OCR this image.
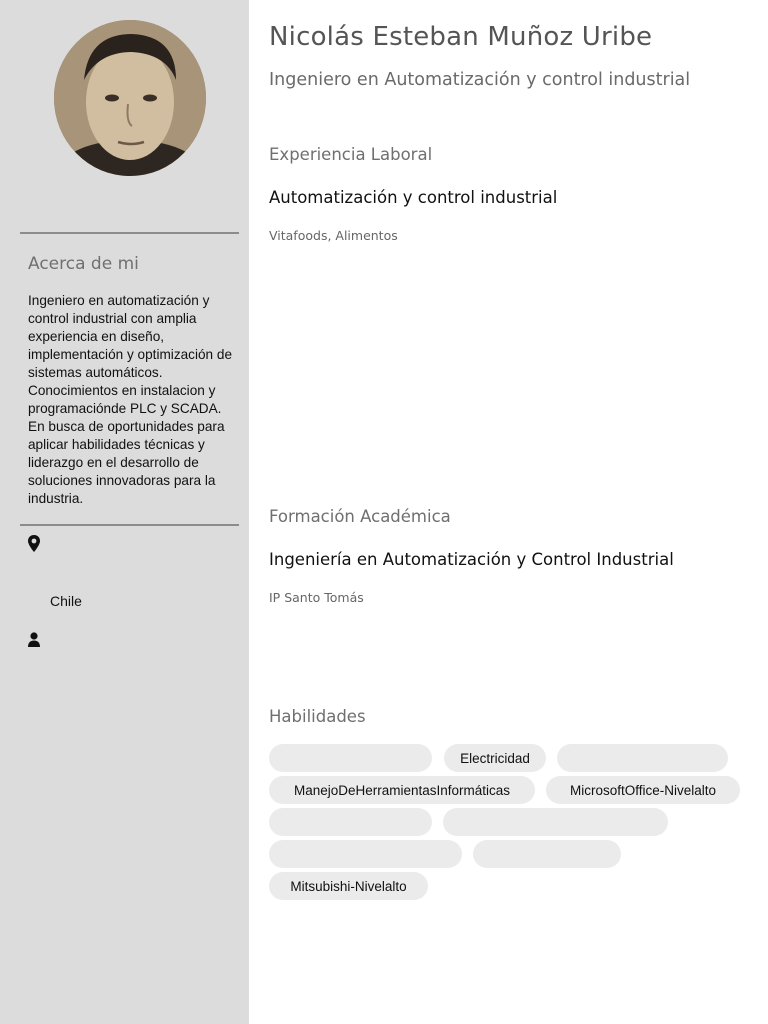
Acerca de mi
Ingeniero en automatización y control industrial con amplia experiencia en diseño, implementación y optimización de sistemas automáticos. Conocimientos en instalacion y programaciónde PLC y SCADA. En busca de oportunidades para aplicar habilidades técnicas y liderazgo en el desarrollo de soluciones innovadoras para la industria.
Chile
Nicolás Esteban Muñoz Uribe
Ingeniero en Automatización y control industrial
Experiencia Laboral
Automatización y control industrial
Vitafoods, Alimentos
Formación Académica
Ingeniería en Automatización y Control Industrial
IP Santo Tomás
Habilidades
Electricidad
ManejoDeHerramientasInformáticas	MicrosoftOffice-Nivelalto
Mitsubishi-Nivelalto
